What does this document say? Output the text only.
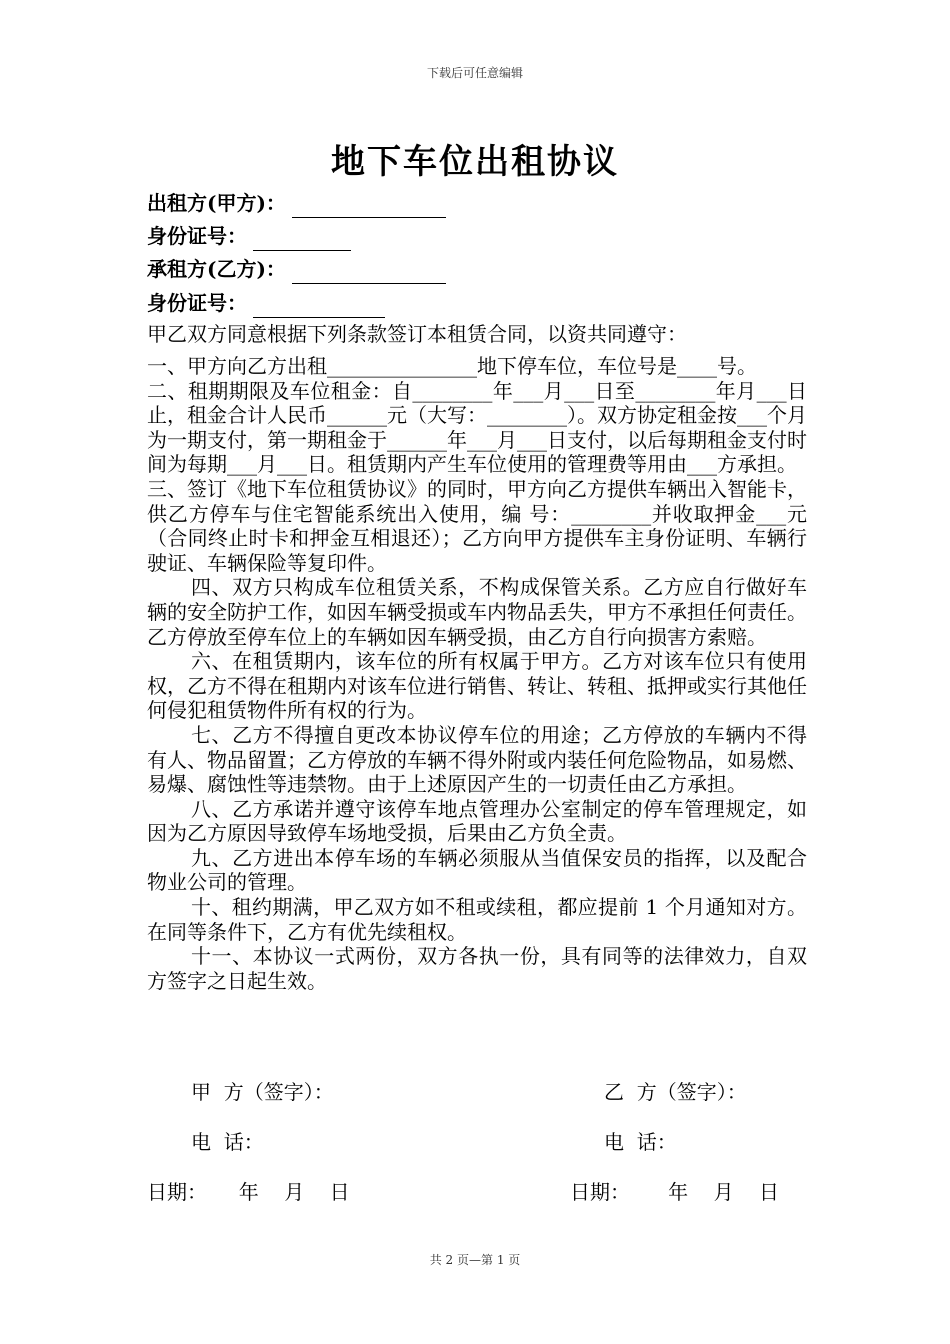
下载后可任意编辑
地下车位出租协议
出租方(甲方)：
身份证号：
承租方(乙方)：
身份证号：

甲乙双方同意根据下列条款签订本租赁合同，以资共同遵守：

一、甲方向乙方出租_______________地下停车位，车位号是____号。

二、租期期限及车位租金：自________年___月___日至________年月___日止，租金合计人民币______元（大写：________）。双方协定租金按___个月 为一期支付，第一期租金于______年___月___日支付，以后每期租金支付时间为每期___月___日。租赁期内产生车位使用的管理费等用由___方承担。

三、签订《地下车位租赁协议》的同时，甲方向乙方提供车辆出入智能卡，供乙方停车与住宅智能系统出入使用，编 号：________并收取押金___元（合同终止时卡和押金互相退还）；乙方向甲方提供车主身份证明、车辆行驶证、车辆保险等复印件。

四、双方只构成车位租赁关系，不构成保管关系。乙方应自行做好车辆的安全防护工作，如因车辆受损或车内物品丢失，甲方不承担任何责任。乙方停放至停车位上的车辆如因车辆受损，由乙方自行向损害方索赔。

六、在租赁期内，该车位的所有权属于甲方。乙方对该车位只有使用权，乙方不得在租期内对该车位进行销售、转让、转租、抵押或实行其他任何侵犯租赁物件所有权的行为。

七、乙方不得擅自更改本协议停车位的用途；乙方停放的车辆内不得有人、物品留置；乙方停放的车辆不得外附或内装任何危险物品，如易燃、易爆、腐蚀性等违禁物。由于上述原因产生的一切责任由乙方承担。

八、乙方承诺并遵守该停车地点管理办公室制定的停车管理规定，如因为乙方原因导致停车场地受损，后果由乙方负全责。

九、乙方进出本停车场的车辆必须服从当值保安员的指挥，以及配合物业公司的管理。

十、租约期满，甲乙双方如不租或续租，都应提前 1 个月通知对方。在同等条件下，乙方有优先续租权。

十一、本协议一式两份，双方各执一份，具有同等的法律效力，自双方签字之日起生效。

甲  方（签字）：	乙  方（签字）：
电  话：	电  话：
日期：     年    月    日	日期：      年    月    日
共 2 页—第 1 页
